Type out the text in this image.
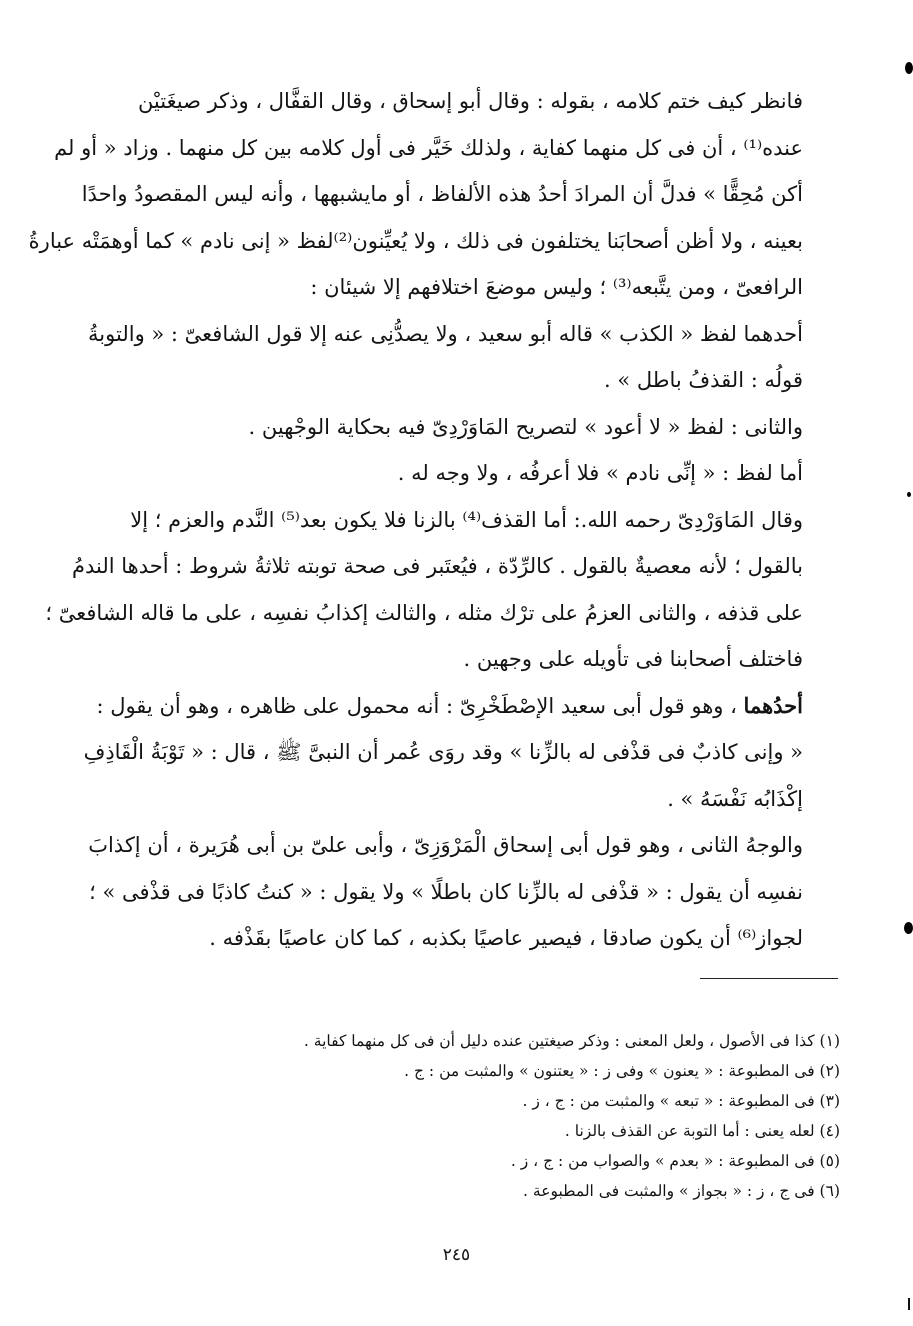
فانظر كيف ختم كلامه ، بقوله : وقال أبو إسحاق ، وقال القفَّال ، وذكر صيغَتيْن
عنده⁽¹⁾ ، أن فى كل منهما كفاية ، ولذلك خَيَّر فى أول كلامه بين كل منهما . وزاد « أو لم
أكن مُحِقًّا » فدلَّ أن المرادَ أحدُ هذه الألفاظ ، أو مايشبهها ، وأنه ليس المقصودُ واحدًا
بعينه ، ولا أظن أصحابَنا يختلفون فى ذلك ، ولا يُعيِّنون⁽²⁾لفظ « إنى نادم » كما أوهمَتْه عبارةُ
الرافعىّ ، ومن يتَّبعه⁽³⁾ ؛ وليس موضعَ اختلافهم إلا شيئان :

أحدهما لفظ « الكذب » قاله أبو سعيد ، ولا يصدُّنِى عنه إلا قول الشافعىّ : « والتوبةُ
قولُه : القذفُ باطل » .

والثانى : لفظ « لا أعود » لتصريح المَاوَرْدِىّ فيه بحكاية الوجْهين .

أما لفظ : « إنِّى نادم » فلا أعرفُه ، ولا وجه له .

وقال المَاوَرْدِىّ رحمه الله.: أما القذف⁽⁴⁾ بالزنا فلا يكون بعد⁽⁵⁾ النَّدم والعزم ؛ إلا
بالقول ؛ لأنه معصيةٌ بالقول . كالرِّدّة ، فيُعتَبر فى صحة توبته ثلاثةُ شروط : أحدها الندمُ
على قذفه ، والثانى العزمُ على ترْك مثله ، والثالث إكذابُ نفسِه ، على ما قاله الشافعىّ ؛
فاختلف أصحابنا فى تأويله على وجهين .

أحدُهما ، وهو قول أبى سعيد الإصْطَخْرِىّ : أنه محمول على ظاهره ، وهو أن يقول :
« وإنى كاذبٌ فى قذْفى له بالزِّنا » وقد روَى عُمر أن النبىَّ ﷺ ، قال : « تَوْبَةُ الْقَاذِفِ
إكْذَابُه نَفْسَهُ » .

والوجهُ الثانى ، وهو قول أبى إسحاق الْمَرْوَزِىّ ، وأبى علىّ بن أبى هُرَيرة ، أن إكذابَ
نفسِه أن يقول : « قذْفى له بالزِّنا كان باطلًا » ولا يقول : « كنتُ كاذبًا فى قذْفى » ؛
لجواز⁽⁶⁾ أن يكون صادقا ، فيصير عاصيًا بكذبه ، كما كان عاصيًا بقَذْفه .

(١) كذا فى الأصول ، ولعل المعنى : وذكر صيغتين عنده دليل أن فى كل منهما كفاية .
(٢) فى المطبوعة : « يعنون » وفى ز : « يعتنون » والمثبت من : ج .
(٣) فى المطبوعة : « تبعه » والمثبت من : ج ، ز .
(٤) لعله يعنى : أما التوبة عن القذف بالزنا .
(٥) فى المطبوعة : « بعدم » والصواب من : ج ، ز .
(٦) فى ج ، ز : « بجواز » والمثبت فى المطبوعة .
٢٤٥
